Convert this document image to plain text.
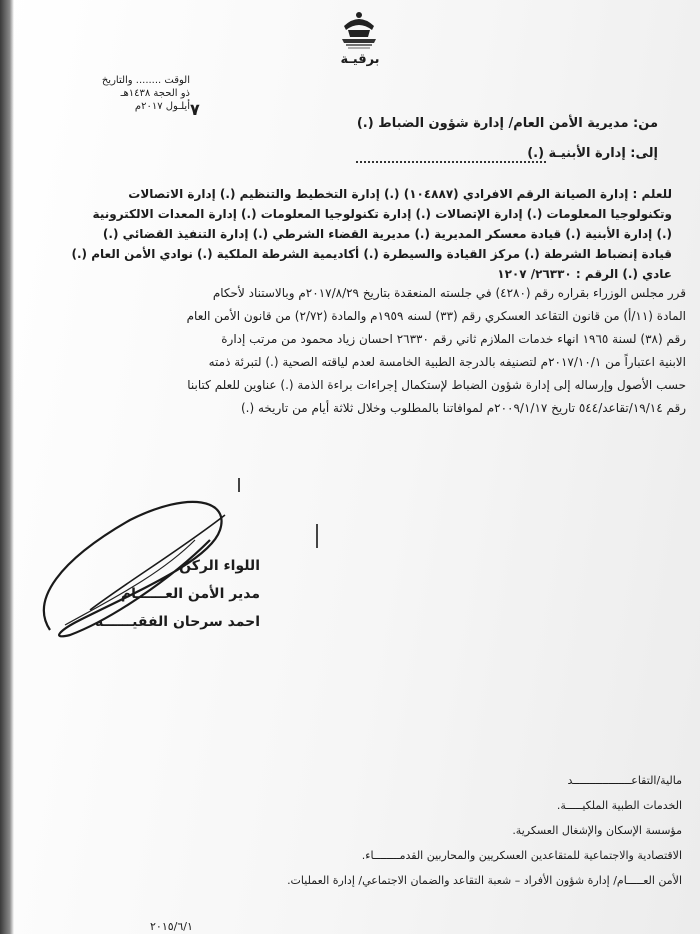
برقيـة
الوقت ........ والتاريخ
ذو الحجة ١٤٣٨هـ
أيلـول ٢٠١٧م ٧
من: مديرية الأمن العام/ إدارة شؤون الضباط (.)
إلى: إدارة الأبنيـة (.)
للعلم : إدارة الصيانة الرقم الافرادي (١٠٤٨٨٧) (.) إدارة التخطيط والتنظيم (.) إدارة الاتصالات
وتكنولوجيا المعلومات (.) إدارة الإتصالات (.) إدارة تكنولوجيا المعلومات (.) إدارة المعدات الالكترونية
(.) إدارة الأبنية (.) قيادة معسكر المديرية (.) مديرية القضاء الشرطي (.) إدارة التنفيذ القضائي (.)
قيادة إنضباط الشرطة (.) مركز القيادة والسيطرة (.) أكاديمية الشرطة الملكية (.) نوادي الأمن العام (.)
عادي (.) الرقم : ٢٦٣٣٠/ ١٢٠٧
قرر مجلس الوزراء بقراره رقم (٤٢٨٠) في جلسته المنعقدة بتاريخ ٢٠١٧/٨/٢٩م وبالاستناد لأحكام
المادة (١١/أ) من قانون التقاعد العسكري رقم (٣٣) لسنه ١٩٥٩م والمادة (٢/٧٢) من قانون الأمن العام
رقم (٣٨) لسنة ١٩٦٥ انهاء خدمات الملازم ثاني رقم ٢٦٣٣٠ احسان زياد محمود من مرتب إدارة
الابنية اعتباراً من ٢٠١٧/١٠/١م لتصنيفه بالدرجة الطبية الخامسة لعدم لياقته الصحية (.) لتبرئة ذمته
حسب الأصول وإرساله إلى إدارة شؤون الضباط لإستكمال إجراءات براءة الذمة (.) عناوين للعلم كتابنا
رقم ١٩/١٤/تقاعد/٥٤٤ تاريخ ٢٠٠٩/١/١٧م لموافاتنا بالمطلوب وخلال ثلاثة أيام من تاريخه (.)
اللواء الركن
مدير الأمن العــــــام
احمد سرحان الفقيــــــه
مالية/التقاعــــــــــــــــــد
الخدمات الطبية الملكيـــــة.
مؤسسة الإسكان والإشغال العسكرية.
الاقتصادية والاجتماعية للمتقاعدين العسكريين والمحاربين القدمــــــــاء.
الأمن العـــــام/ إدارة شؤون الأفراد – شعبة التقاعد والضمان الاجتماعي/ إدارة العمليات.
٢٠١٥/٦/١
